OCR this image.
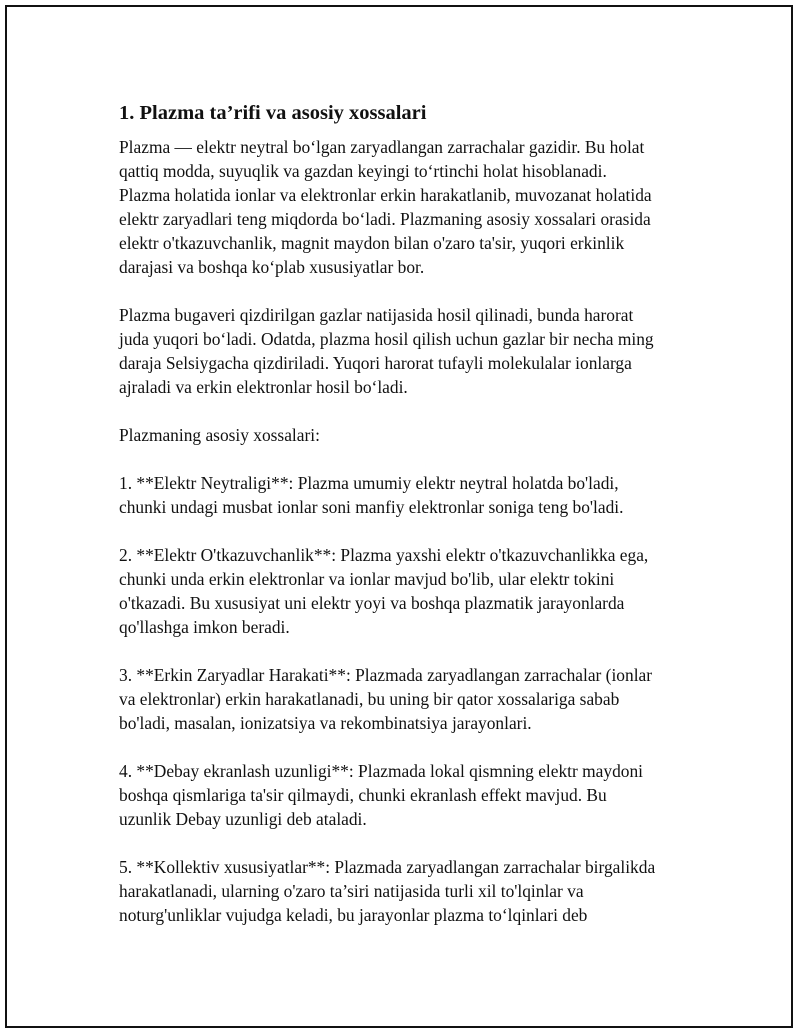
1. Plazma ta’rifi va asosiy xossalari

Plazma — elektr neytral bo‘lgan zaryadlangan zarrachalar gazidir. Bu holat
qattiq modda, suyuqlik va gazdan keyingi to‘rtinchi holat hisoblanadi.
Plazma holatida ionlar va elektronlar erkin harakatlanib, muvozanat holatida
elektr zaryadlari teng miqdorda bo‘ladi. Plazmaning asosiy xossalari orasida
elektr o'tkazuvchanlik, magnit maydon bilan o'zaro ta'sir, yuqori erkinlik
darajasi va boshqa ko‘plab xususiyatlar bor.

Plazma bugaveri qizdirilgan gazlar natijasida hosil qilinadi, bunda harorat
juda yuqori bo‘ladi. Odatda, plazma hosil qilish uchun gazlar bir necha ming
daraja Selsiygacha qizdiriladi. Yuqori harorat tufayli molekulalar ionlarga
ajraladi va erkin elektronlar hosil bo‘ladi.

Plazmaning asosiy xossalari:

1. **Elektr Neytraligi**: Plazma umumiy elektr neytral holatda bo'ladi,
chunki undagi musbat ionlar soni manfiy elektronlar soniga teng bo'ladi.

2. **Elektr O'tkazuvchanlik**: Plazma yaxshi elektr o'tkazuvchanlikka ega,
chunki unda erkin elektronlar va ionlar mavjud bo'lib, ular elektr tokini
o'tkazadi. Bu xususiyat uni elektr yoyi va boshqa plazmatik jarayonlarda
qo'llashga imkon beradi.

3. **Erkin Zaryadlar Harakati**: Plazmada zaryadlangan zarrachalar (ionlar
va elektronlar) erkin harakatlanadi, bu uning bir qator xossalariga sabab
bo'ladi, masalan, ionizatsiya va rekombinatsiya jarayonlari.

4. **Debay ekranlash uzunligi**: Plazmada lokal qismning elektr maydoni
boshqa qismlariga ta'sir qilmaydi, chunki ekranlash effekt mavjud. Bu
uzunlik Debay uzunligi deb ataladi.

5. **Kollektiv xususiyatlar**: Plazmada zaryadlangan zarrachalar birgalikda
harakatlanadi, ularning o'zaro ta’siri natijasida turli xil to'lqinlar va
noturg'unliklar vujudga keladi, bu jarayonlar plazma to‘lqinlari deb
